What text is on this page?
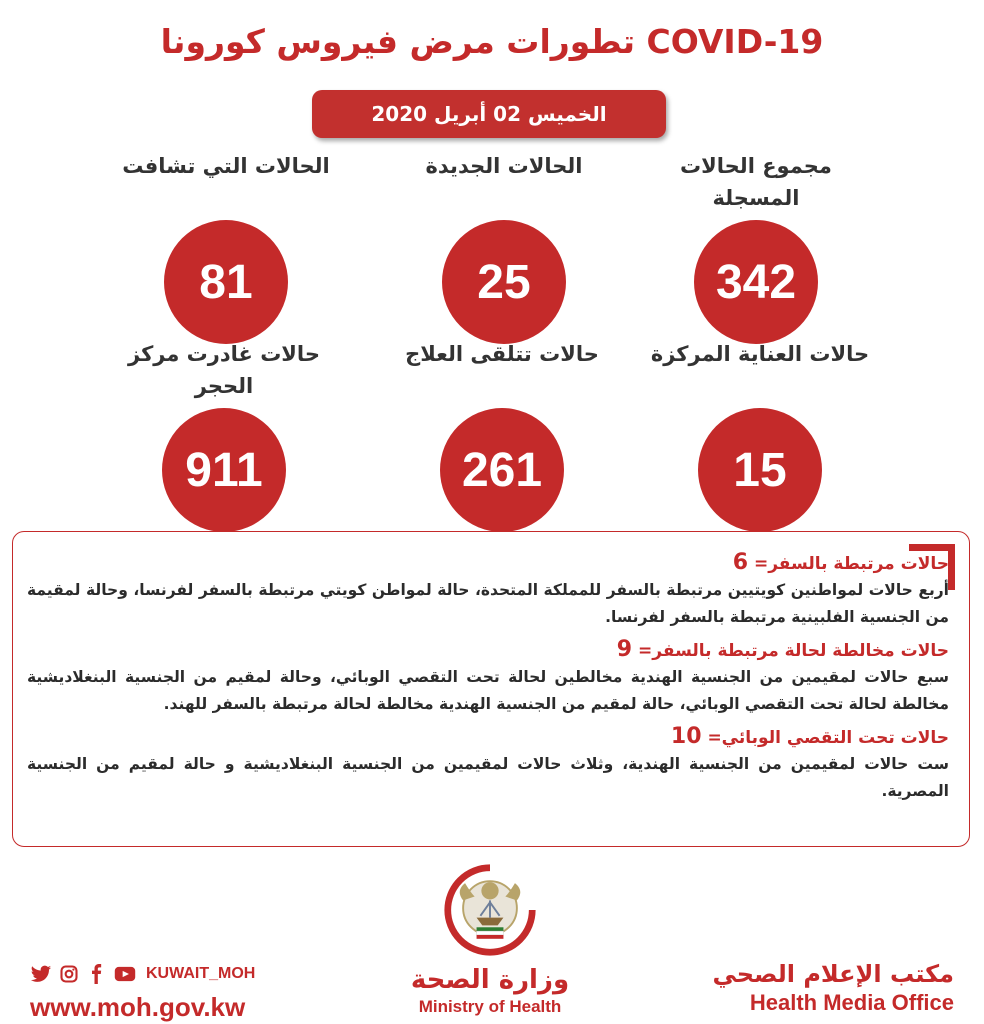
تطورات مرض فيروس كورونا COVID-19
الخميس 02 أبريل 2020
مجموع الحالات المسجلة
342
الحالات الجديدة
25
الحالات التي تشافت
81
حالات العناية المركزة
15
حالات تتلقى العلاج
261
حالات غادرت مركز الحجر
911
حالات مرتبطة بالسفر= 6
أربع حالات لمواطنين كويتيين مرتبطة بالسفر للمملكة المتحدة، حالة لمواطن كويتي مرتبطة بالسفر لفرنسا، وحالة لمقيمة من الجنسية الفلبينية مرتبطة بالسفر لفرنسا.
حالات مخالطة لحالة مرتبطة بالسفر= 9
سبع حالات لمقيمين من الجنسية الهندية مخالطين لحالة تحت التقصي الوبائي، وحالة لمقيم من الجنسية البنغلاديشية مخالطة لحالة تحت التقصي الوبائي، حالة لمقيم من الجنسية الهندية مخالطة لحالة مرتبطة بالسفر للهند.
حالات تحت التقصي الوبائي= 10
ست حالات لمقيمين من الجنسية الهندية، وثلاث حالات لمقيمين من الجنسية البنغلاديشية و حالة لمقيم من الجنسية المصرية.
مكتب الإعلام الصحي
Health Media Office
وزارة الصحة
Ministry of Health
KUWAIT_MOH
www.moh.gov.kw
